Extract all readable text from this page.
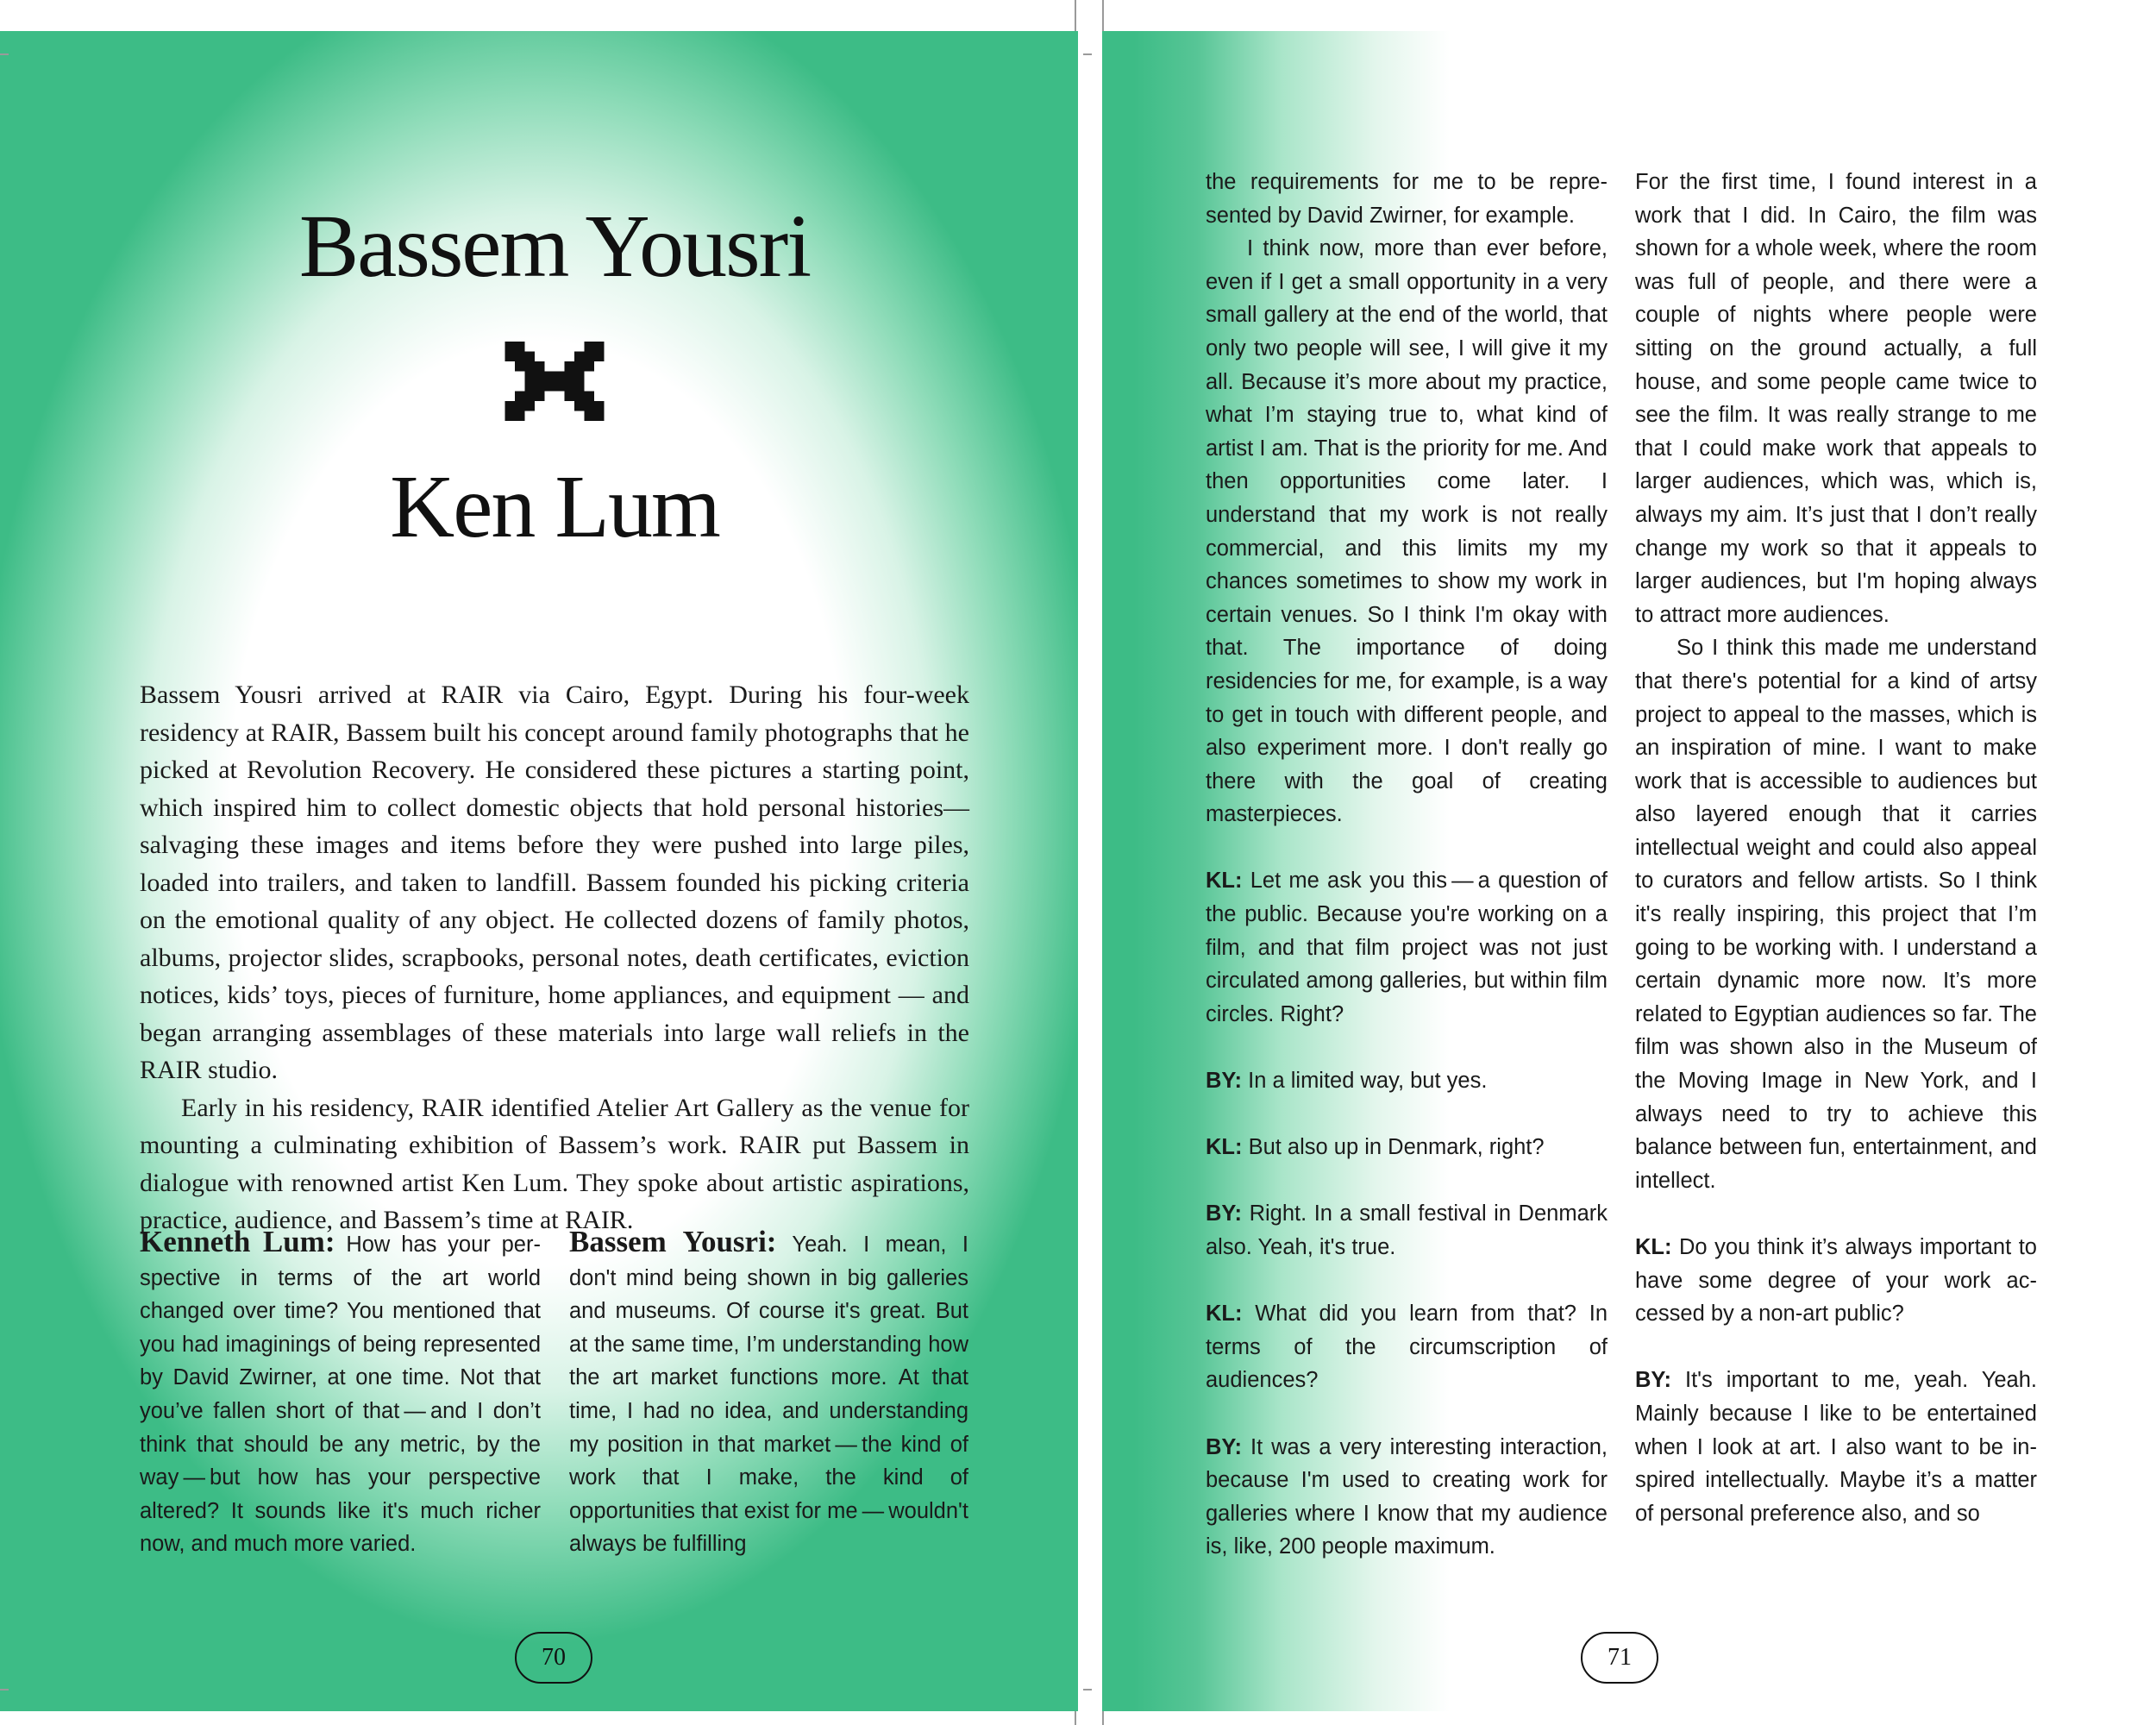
Bassem Yousri
Ken Lum

Bassem Yousri arrived at RAIR via Cairo, Egypt. During his four-week residency at RAIR, Bassem built his concept around family photographs that he picked at Revolution Recovery. He considered these pictures a starting point, which inspired him to collect domestic objects that hold personal histories—salvaging these images and items before they were pushed into large piles, loaded into trailers, and taken to landfill. Bassem founded his picking criteria on the emotional quality of any object. He collected dozens of family photos, albums, projector slides, scrapbooks, personal notes, death certificates, eviction notices, kids’ toys, pieces of furniture, home appliances, and equipment — and began arranging assemblages of these materials into large wall reliefs in the RAIR studio.

Early in his residency, RAIR identified Atelier Art Gallery as the venue for mounting a culminating exhibition of Bassem’s work. RAIR put Bassem in dialogue with renowned artist Ken Lum. They spoke about artistic aspirations, practice, audience, and Bassem’s time at RAIR.

Kenneth Lum: How has your perspective in terms of the art world changed over time? You mentioned that you had imaginings of being represented by David Zwirner, at one time. Not that you’ve fallen short of that — and I don’t think that should be any metric, by the way — but how has your perspective altered? It sounds like it's much richer now, and much more varied.

Bassem Yousri: Yeah. I mean, I don't mind being shown in big galleries and museums. Of course it's great. But at the same time, I’m understanding how the art market functions more. At that time, I had no idea, and understanding my position in that market — the kind of work that I make, the kind of opportunities that exist for me — wouldn't always be fulfilling

70

the requirements for me to be represented by David Zwirner, for example.

I think now, more than ever before, even if I get a small opportunity in a very small gallery at the end of the world, that only two people will see, I will give it my all. Because it’s more about my practice, what I’m staying true to, what kind of artist I am. That is the priority for me. And then opportunities come later. I understand that my work is not really commercial, and this limits my my chances sometimes to show my work in certain venues. So I think I'm okay with that. The importance of doing residencies for me, for example, is a way to get in touch with different people, and also experiment more. I don't really go there with the goal of creating masterpieces.

KL: Let me ask you this — a question of the public. Because you're working on a film, and that film project was not just circulated among galleries, but within film circles. Right?

BY: In a limited way, but yes.

KL: But also up in Denmark, right?

BY: Right. In a small festival in Denmark also. Yeah, it's true.

KL: What did you learn from that? In terms of the circumscription of audiences?

BY: It was a very interesting interaction, because I'm used to creating work for galleries where I know that my audience is, like, 200 people maximum.

For the first time, I found interest in a work that I did. In Cairo, the film was shown for a whole week, where the room was full of people, and there were a couple of nights where people were sitting on the ground actually, a full house, and some people came twice to see the film. It was really strange to me that I could make work that appeals to larger audiences, which was, which is, always my aim. It’s just that I don’t really change my work so that it appeals to larger audiences, but I'm hoping always to attract more audiences.

So I think this made me understand that there's potential for a kind of artsy project to appeal to the masses, which is an inspiration of mine. I want to make work that is accessible to audiences but also layered enough that it carries intellectual weight and could also appeal to curators and fellow artists. So I think it's really inspiring, this project that I’m going to be working with. I understand a certain dynamic more now. It’s more related to Egyptian audiences so far. The film was shown also in the Museum of the Moving Image in New York, and I always need to try to achieve this balance between fun, entertainment, and intellect.

KL: Do you think it’s always important to have some degree of your work accessed by a non-art public?

BY: It's important to me, yeah. Yeah. Mainly because I like to be entertained when I look at art. I also want to be inspired intellectually. Maybe it’s a matter of personal preference also, and so

71
